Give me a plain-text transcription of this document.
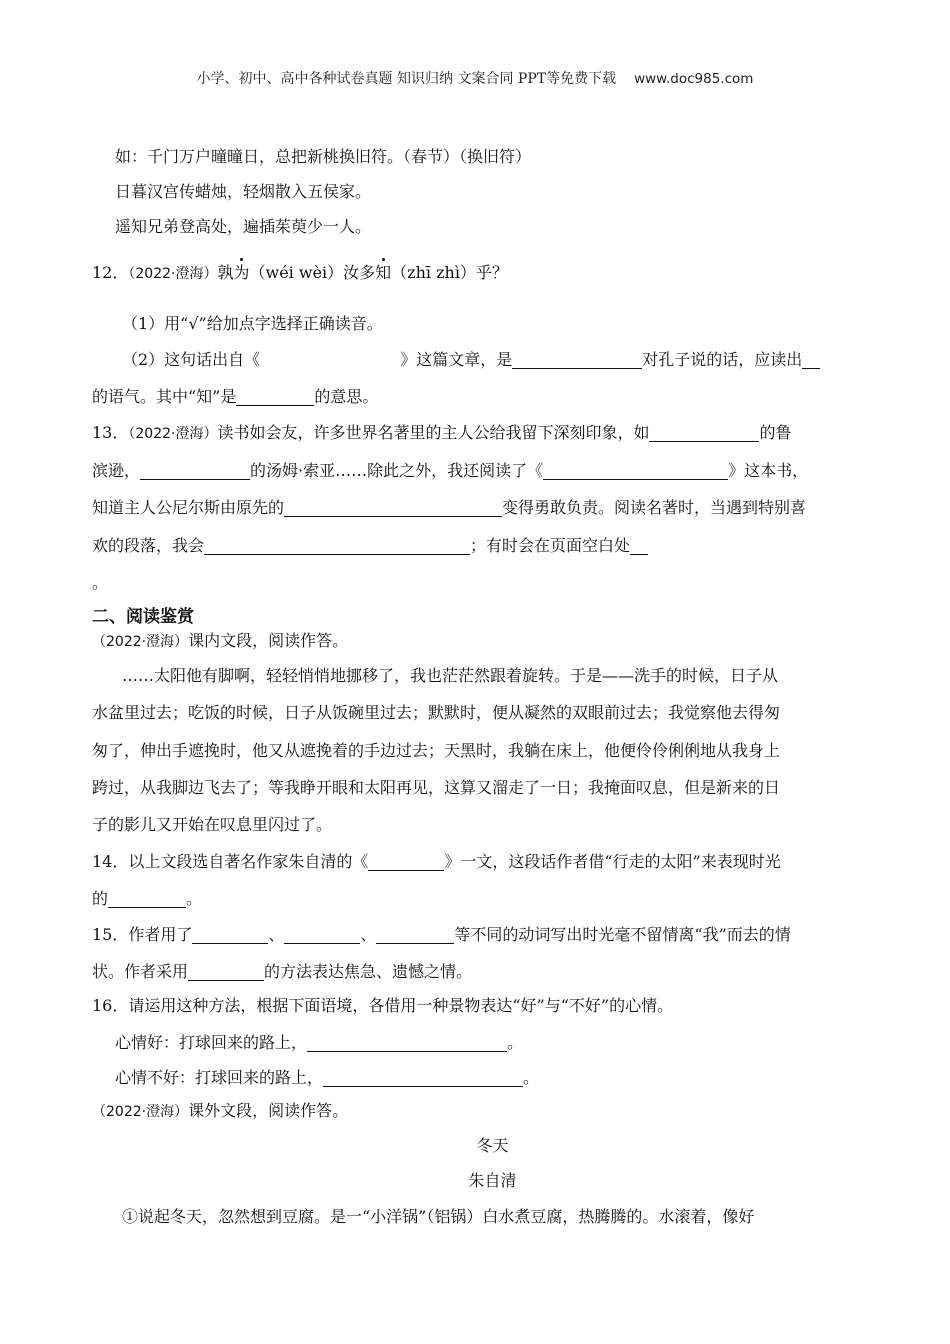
小学、初中、高中各种试卷真题 知识归纳 文案合同 PPT等免费下载 www.doc985.com
如：千门万户曈曈日，总把新桃换旧符。（春节）（换旧符）
日暮汉宫传蜡烛，轻烟散入五侯家。
遥知兄弟登高处，遍插茱萸少一人。
12．（2022·澄海）孰为（wéi wèi）汝多知（zhī zhì）乎？
（1）用“√”给加点字选择正确读音。
（2）这句话出自《	》这篇文章，是	对孔子说的话，应读出
的语气。其中“知”是	的意思。
13．（2022·澄海）读书如会友，许多世界名著里的主人公给我留下深刻印象，如	的鲁
滨逊，	的汤姆·索亚……除此之外，我还阅读了《	》这本书，
知道主人公尼尔斯由原先的	变得勇敢负责。阅读名著时，当遇到特别喜
欢的段落，我会	；有时会在页面空白处
。
二、阅读鉴赏
（2022·澄海）课内文段，阅读作答。
……太阳他有脚啊，轻轻悄悄地挪移了，我也茫茫然跟着旋转。于是——洗手的时候，日子从
水盆里过去；吃饭的时候，日子从饭碗里过去；默默时，便从凝然的双眼前过去；我觉察他去得匆
匆了，伸出手遮挽时，他又从遮挽着的手边过去；天黑时，我躺在床上，他便伶伶俐俐地从我身上
跨过，从我脚边飞去了；等我睁开眼和太阳再见，这算又溜走了一日；我掩面叹息，但是新来的日
子的影儿又开始在叹息里闪过了。
14．以上文段选自著名作家朱自清的《	》一文，这段话作者借“行走的太阳”来表现时光
的	。
15．作者用了	、	、	等不同的动词写出时光毫不留情离“我”而去的情
状。作者采用	的方法表达焦急、遗憾之情。
16．请运用这种方法，根据下面语境，各借用一种景物表达“好”与“不好”的心情。
心情好：打球回来的路上，	。
心情不好：打球回来的路上，	。
（2022·澄海）课外文段，阅读作答。
冬天
朱自清
①说起冬天，忽然想到豆腐。是一“小洋锅”（铝锅）白水煮豆腐，热腾腾的。水滚着，像好
